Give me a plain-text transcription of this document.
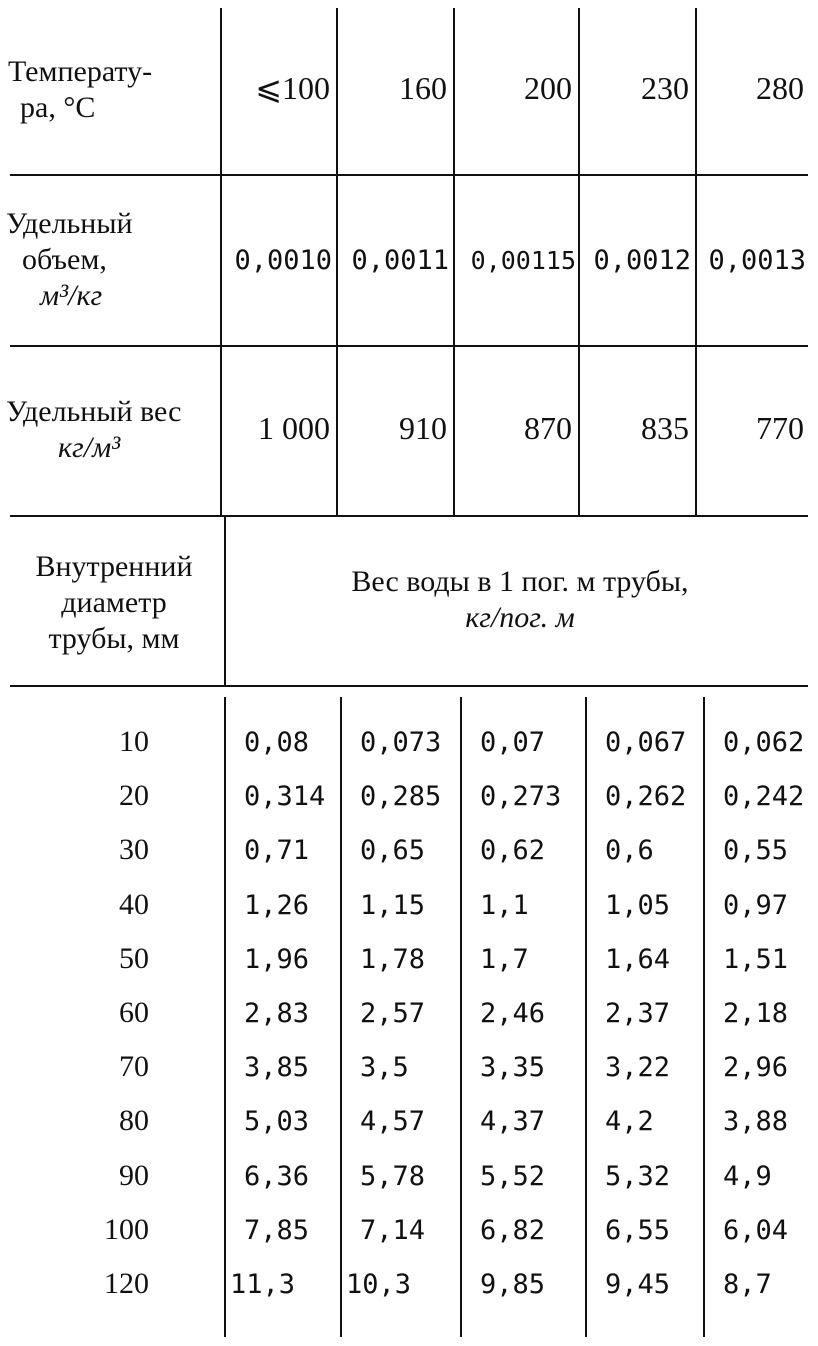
Температу-
ра, °C
⩽100	160	200	230	280
Удельный
объем,
м³/кг
0,0010 0,0011 0,00115 0,0012 0,0013
Удельный вес
кг/м³
1 000	910	870	835	770
Внутренний
диаметр
трубы, мм
Вес воды в 1 пог. м трубы,
кг/пог. м
10	0,08	0,073	0,07	0,067	0,062
20	0,314	0,285	0,273	0,262	0,242
30	0,71	0,65	0,62	0,6	0,55
40	1,26	1,15	1,1	1,05	0,97
50	1,96	1,78	1,7	1,64	1,51
60	2,83	2,57	2,46	2,37	2,18
70	3,85	3,5	3,35	3,22	2,96
80	5,03	4,57	4,37	4,2	3,88
90	6,36	5,78	5,52	5,32	4,9
100	7,85	7,14	6,82	6,55	6,04
120	11,3	10,3	9,85	9,45	8,7
